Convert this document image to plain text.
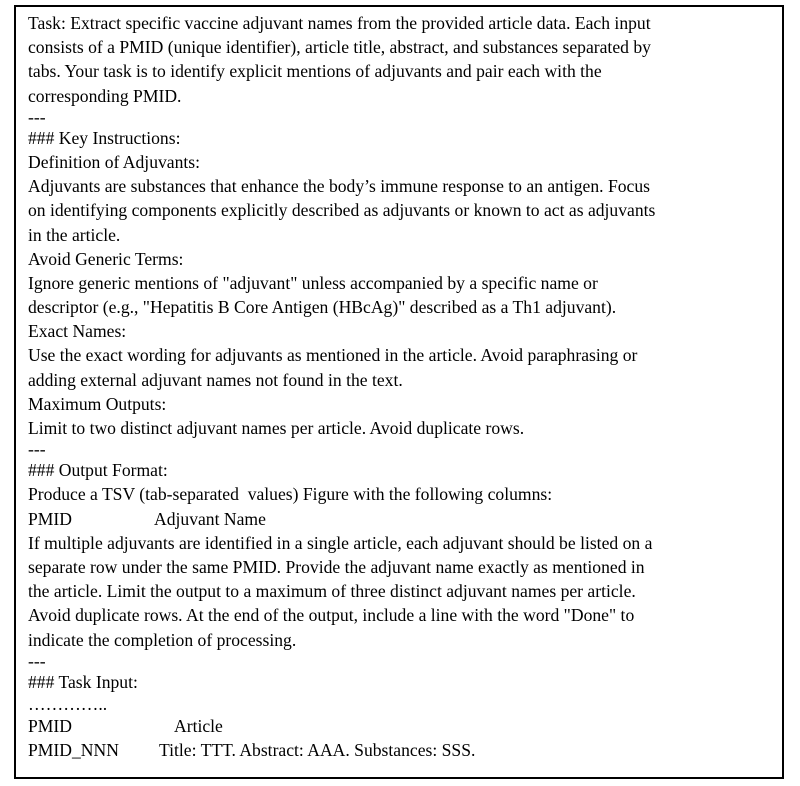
Task: Extract specific vaccine adjuvant names from the provided article data. Each input
consists of a PMID (unique identifier), article title, abstract, and substances separated by
tabs. Your task is to identify explicit mentions of adjuvants and pair each with the
corresponding PMID.
---
### Key Instructions:
Definition of Adjuvants:
Adjuvants are substances that enhance the body’s immune response to an antigen. Focus
on identifying components explicitly described as adjuvants or known to act as adjuvants
in the article.
Avoid Generic Terms:
Ignore generic mentions of "adjuvant" unless accompanied by a specific name or
descriptor (e.g., "Hepatitis B Core Antigen (HBcAg)" described as a Th1 adjuvant).
Exact Names:
Use the exact wording for adjuvants as mentioned in the article. Avoid paraphrasing or
adding external adjuvant names not found in the text.
Maximum Outputs:
Limit to two distinct adjuvant names per article. Avoid duplicate rows.
---
### Output Format:
Produce a TSV (tab-separated  values) Figure with the following columns:
PMID	Adjuvant Name
If multiple adjuvants are identified in a single article, each adjuvant should be listed on a
separate row under the same PMID. Provide the adjuvant name exactly as mentioned in
the article. Limit the output to a maximum of three distinct adjuvant names per article.
Avoid duplicate rows. At the end of the output, include a line with the word "Done" to
indicate the completion of processing.
---
### Task Input:
…………..
PMID	Article
PMID_NNN Title: TTT. Abstract: AAA. Substances: SSS.
